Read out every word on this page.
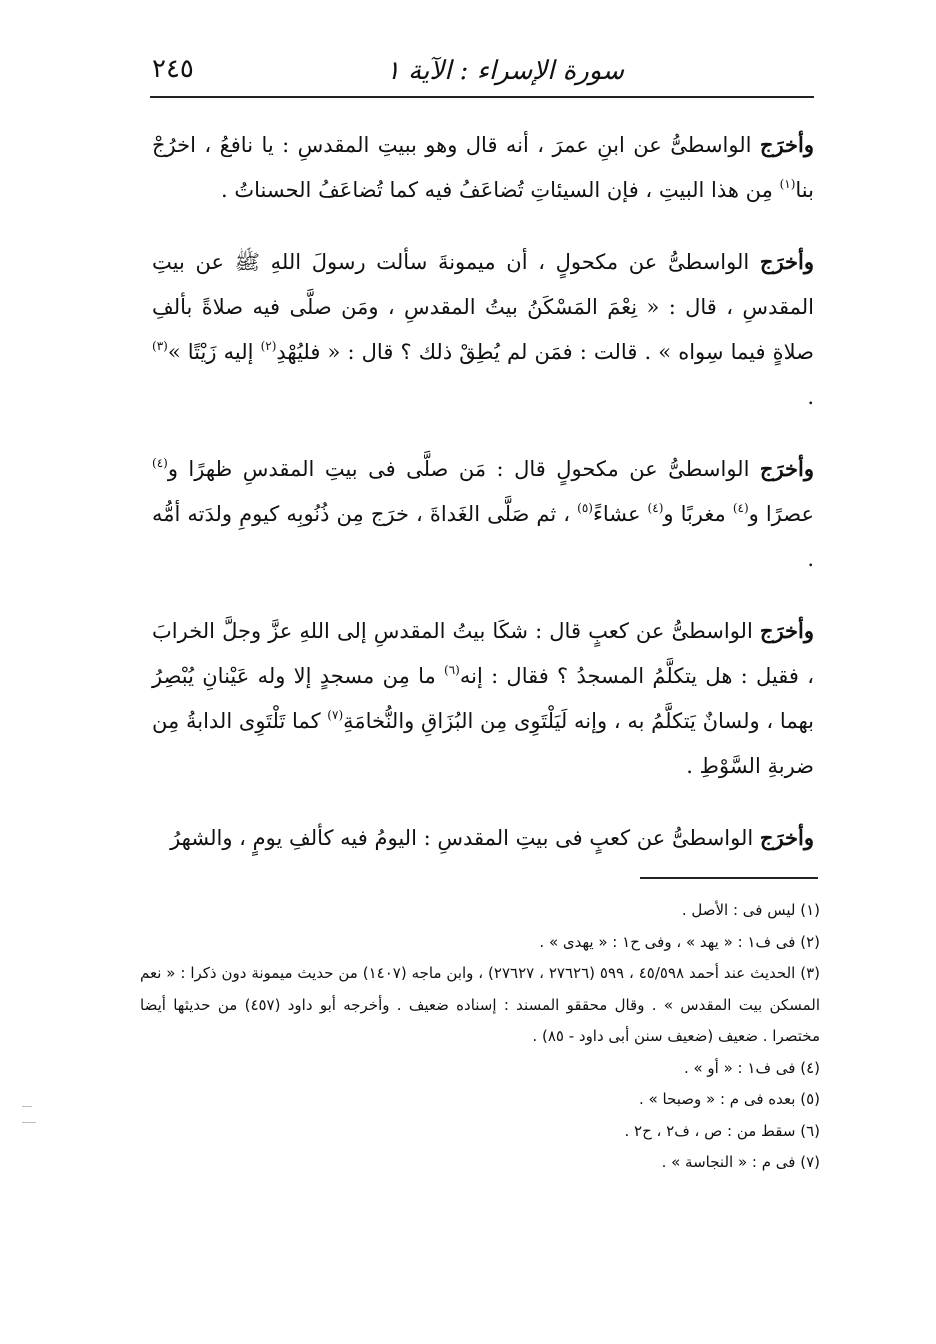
سورة الإسراء : الآية ١
٢٤٥

وأخرَج الواسطىُّ عن ابنِ عمرَ ، أنه قال وهو ببيتِ المقدسِ : يا نافعُ ، اخرُجْ بنا$^{(١)}$ مِن هذا البيتِ ، فإن السيئاتِ تُضاعَفُ فيه كما تُضاعَفُ الحسناتُ .

وأخرَج الواسطىُّ عن مكحولٍ ، أن ميمونةَ سألت رسولَ اللهِ ﷺ عن بيتِ المقدسِ ، قال : « نِعْمَ المَسْكَنُ بيتُ المقدسِ ، ومَن صلَّى فيه صلاةً بألفِ صلاةٍ فيما سِواه » . قالت : فمَن لم يُطِقْ ذلك ؟ قال : « فليُهْدِ$^{(٢)}$ إليه زَيْتًا »$^{(٣)}$ .

وأخرَج الواسطىُّ عن مكحولٍ قال : مَن صلَّى فى بيتِ المقدسِ ظهرًا و$^{(٤)}$ عصرًا و$^{(٤)}$ مغربًا و$^{(٤)}$ عشاءً$^{(٥)}$ ، ثم صَلَّى الغَداةَ ، خرَج مِن ذُنُوبِه كيومِ ولدَته أمُّه .

وأخرَج الواسطىُّ عن كعبٍ قال : شكَا بيتُ المقدسِ إلى اللهِ عزَّ وجلَّ الخرابَ ، فقيل : هل يتكلَّمُ المسجدُ ؟ فقال : إنه$^{(٦)}$ ما مِن مسجدٍ إلا وله عَيْنانِ يُبْصِرُ بهما ، ولسانٌ يَتكلَّمُ به ، وإنه لَيَلْتَوِى مِن البُزَاقِ والنُّخامَةِ$^{(٧)}$ كما تَلْتَوِى الدابةُ مِن ضربةِ السَّوْطِ .

وأخرَج الواسطىُّ عن كعبٍ فى بيتِ المقدسِ : اليومُ فيه كألفِ يومٍ ، والشهرُ

(١) ليس فى : الأصل .

(٢) فى ف١ : « يهد » ، وفى ح١ : « يهدى » .

(٣) الحديث عند أحمد ٤٥/٥٩٨ ، ٥٩٩ (٢٧٦٢٦ ، ٢٧٦٢٧) ، وابن ماجه (١٤٠٧) من حديث ميمونة دون ذكرا : « نعم المسكن بيت المقدس » . وقال محققو المسند : إسناده ضعيف . وأخرجه أبو داود (٤٥٧) من حديثها أيضا مختصرا . ضعيف (ضعيف سنن أبى داود - ٨٥) .

(٤) فى ف١ : « أو » .

(٥) بعده فى م : « وصبحا » .

(٦) سقط من : ص ، ف٢ ، ح٢ .

(٧) فى م : « النجاسة » .
